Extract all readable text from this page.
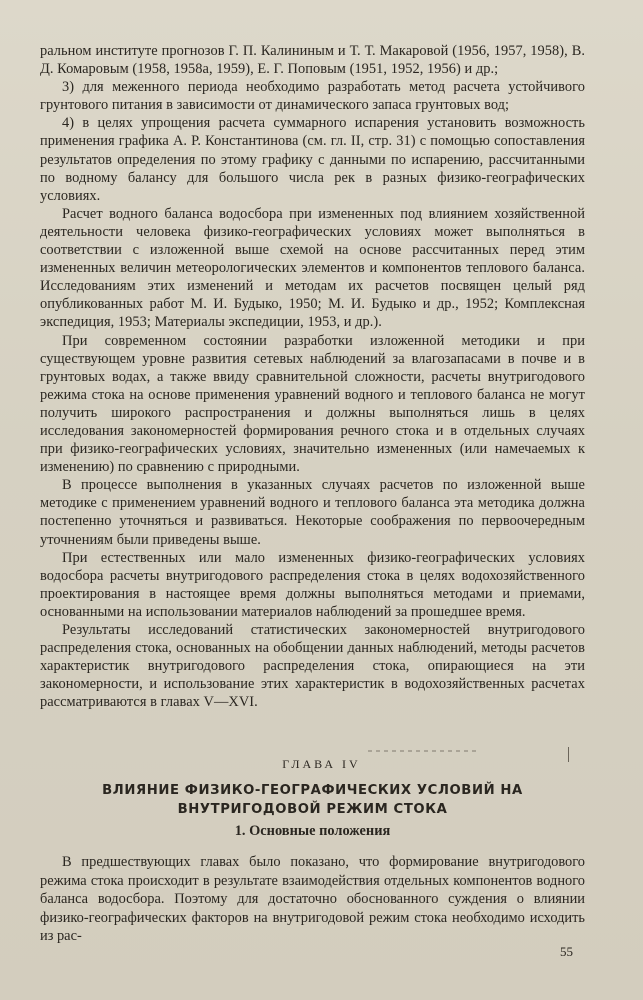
ральном институте прогнозов Г. П. Калининым и Т. Т. Макаровой (1956, 1957, 1958), В. Д. Комаровым (1958, 1958а, 1959), Е. Г. Поповым (1951, 1952, 1956) и др.;

3) для меженного периода необходимо разработать метод расчета устойчивого грунтового питания в зависимости от динамического запаса грунтовых вод;

4) в целях упрощения расчета суммарного испарения установить возможность применения графика А. Р. Константинова (см. гл. II, стр. 31) с помощью сопоставления результатов определения по этому графику с данными по испарению, рассчитанными по водному балансу для большого числа рек в разных физико-географических условиях.

Расчет водного баланса водосбора при измененных под влиянием хозяйственной деятельности человека физико-географических условиях может выполняться в соответствии с изложенной выше схемой на основе рассчитанных перед этим измененных величин метеорологических элементов и компонентов теплового баланса. Исследованиям этих изменений и методам их расчетов посвящен целый ряд опубликованных работ М. И. Будыко, 1950; М. И. Будыко и др., 1952; Комплексная экспедиция, 1953; Материалы экспедиции, 1953, и др.).

При современном состоянии разработки изложенной методики и при существующем уровне развития сетевых наблюдений за влагозапасами в почве и в грунтовых водах, а также ввиду сравнительной сложности, расчеты внутригодового режима стока на основе применения уравнений водного и теплового баланса не могут получить широкого распространения и должны выполняться лишь в целях исследования закономерностей формирования речного стока и в отдельных случаях при физико-географических условиях, значительно измененных (или намечаемых к изменению) по сравнению с природными.

В процессе выполнения в указанных случаях расчетов по изложенной выше методике с применением уравнений водного и теплового баланса эта методика должна постепенно уточняться и развиваться. Некоторые соображения по первоочередным уточнениям были приведены выше.

При естественных или мало измененных физико-географических условиях водосбора расчеты внутригодового распределения стока в целях водохозяйственного проектирования в настоящее время должны выполняться методами и приемами, основанными на использовании материалов наблюдений за прошедшее время.

Результаты исследований статистических закономерностей внутригодового распределения стока, основанных на обобщении данных наблюдений, методы расчетов характеристик внутригодового распределения стока, опирающиеся на эти закономерности, и использование этих характеристик в водохозяйственных расчетах рассматриваются в главах V—XVI.

ГЛАВА IV
ВЛИЯНИЕ ФИЗИКО-ГЕОГРАФИЧЕСКИХ УСЛОВИЙ НА ВНУТРИГОДОВОЙ РЕЖИМ СТОКА
1. Основные положения

В предшествующих главах было показано, что формирование внутригодового режима стока происходит в результате взаимодействия отдельных компонентов водного баланса водосбора. Поэтому для достаточно обоснованного суждения о влиянии физико-географических факторов на внутригодовой режим стока необходимо исходить из рас-

55
